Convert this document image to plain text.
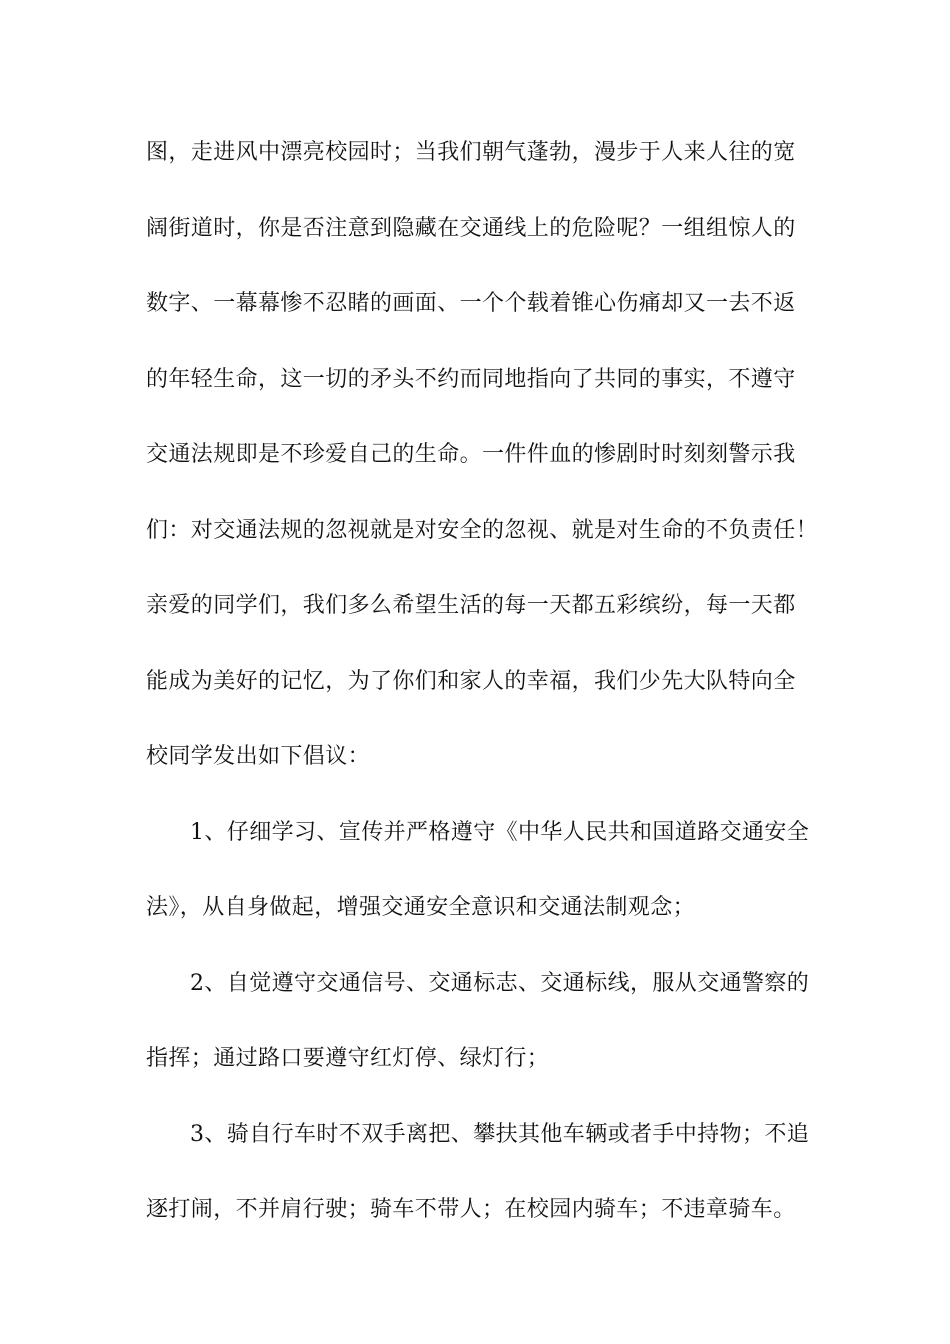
图，走进风中漂亮校园时；当我们朝气蓬勃，漫步于人来人往的宽
阔街道时，你是否注意到隐藏在交通线上的危险呢？一组组惊人的
数字、一幕幕惨不忍睹的画面、一个个载着锥心伤痛却又一去不返
的年轻生命，这一切的矛头不约而同地指向了共同的事实，不遵守
交通法规即是不珍爱自己的生命。一件件血的惨剧时时刻刻警示我
们：对交通法规的忽视就是对安全的忽视、就是对生命的不负责任！
亲爱的同学们，我们多么希望生活的每一天都五彩缤纷，每一天都
能成为美好的记忆，为了你们和家人的幸福，我们少先大队特向全
校同学发出如下倡议：
1、仔细学习、宣传并严格遵守《中华人民共和国道路交通安全
法》，从自身做起，增强交通安全意识和交通法制观念；
2、自觉遵守交通信号、交通标志、交通标线，服从交通警察的
指挥；通过路口要遵守红灯停、绿灯行；
3、骑自行车时不双手离把、攀扶其他车辆或者手中持物；不追
逐打闹，不并肩行驶；骑车不带人；在校园内骑车；不违章骑车。
